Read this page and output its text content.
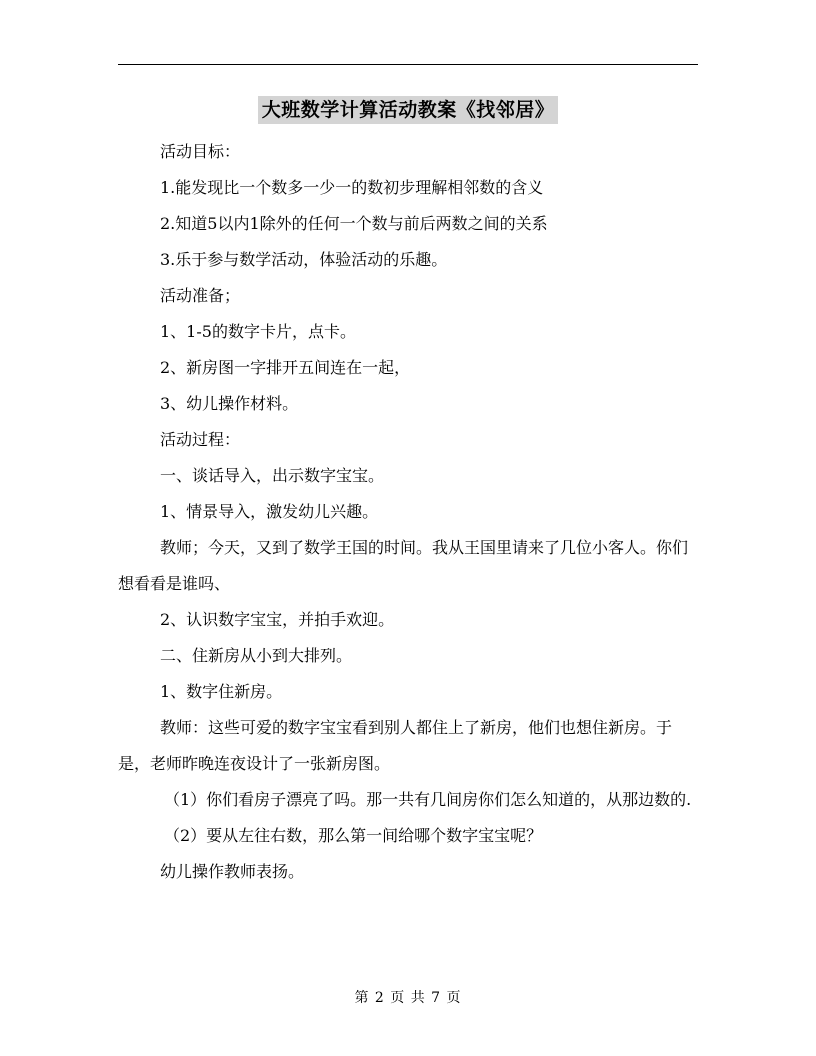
大班数学计算活动教案《找邻居》

活动目标：

1.能发现比一个数多一少一的数初步理解相邻数的含义

2.知道5以内1除外的任何一个数与前后两数之间的关系

3.乐于参与数学活动，体验活动的乐趣。

活动准备；

1、1-5的数字卡片，点卡。

2、新房图一字排开五间连在一起，

3、幼儿操作材料。

活动过程：

一、谈话导入，出示数字宝宝。

1、情景导入，激发幼儿兴趣。

教师；今天，又到了数学王国的时间。我从王国里请来了几位小客人。你们想看看是谁吗、

2、认识数字宝宝，并拍手欢迎。

二、住新房从小到大排列。

1、数字住新房。

教师：这些可爱的数字宝宝看到别人都住上了新房，他们也想住新房。于是，老师昨晚连夜设计了一张新房图。

（1）你们看房子漂亮了吗。那一共有几间房你们怎么知道的，从那边数的.

（2）要从左往右数，那么第一间给哪个数字宝宝呢？

幼儿操作教师表扬。

第 2 页 共 7 页
